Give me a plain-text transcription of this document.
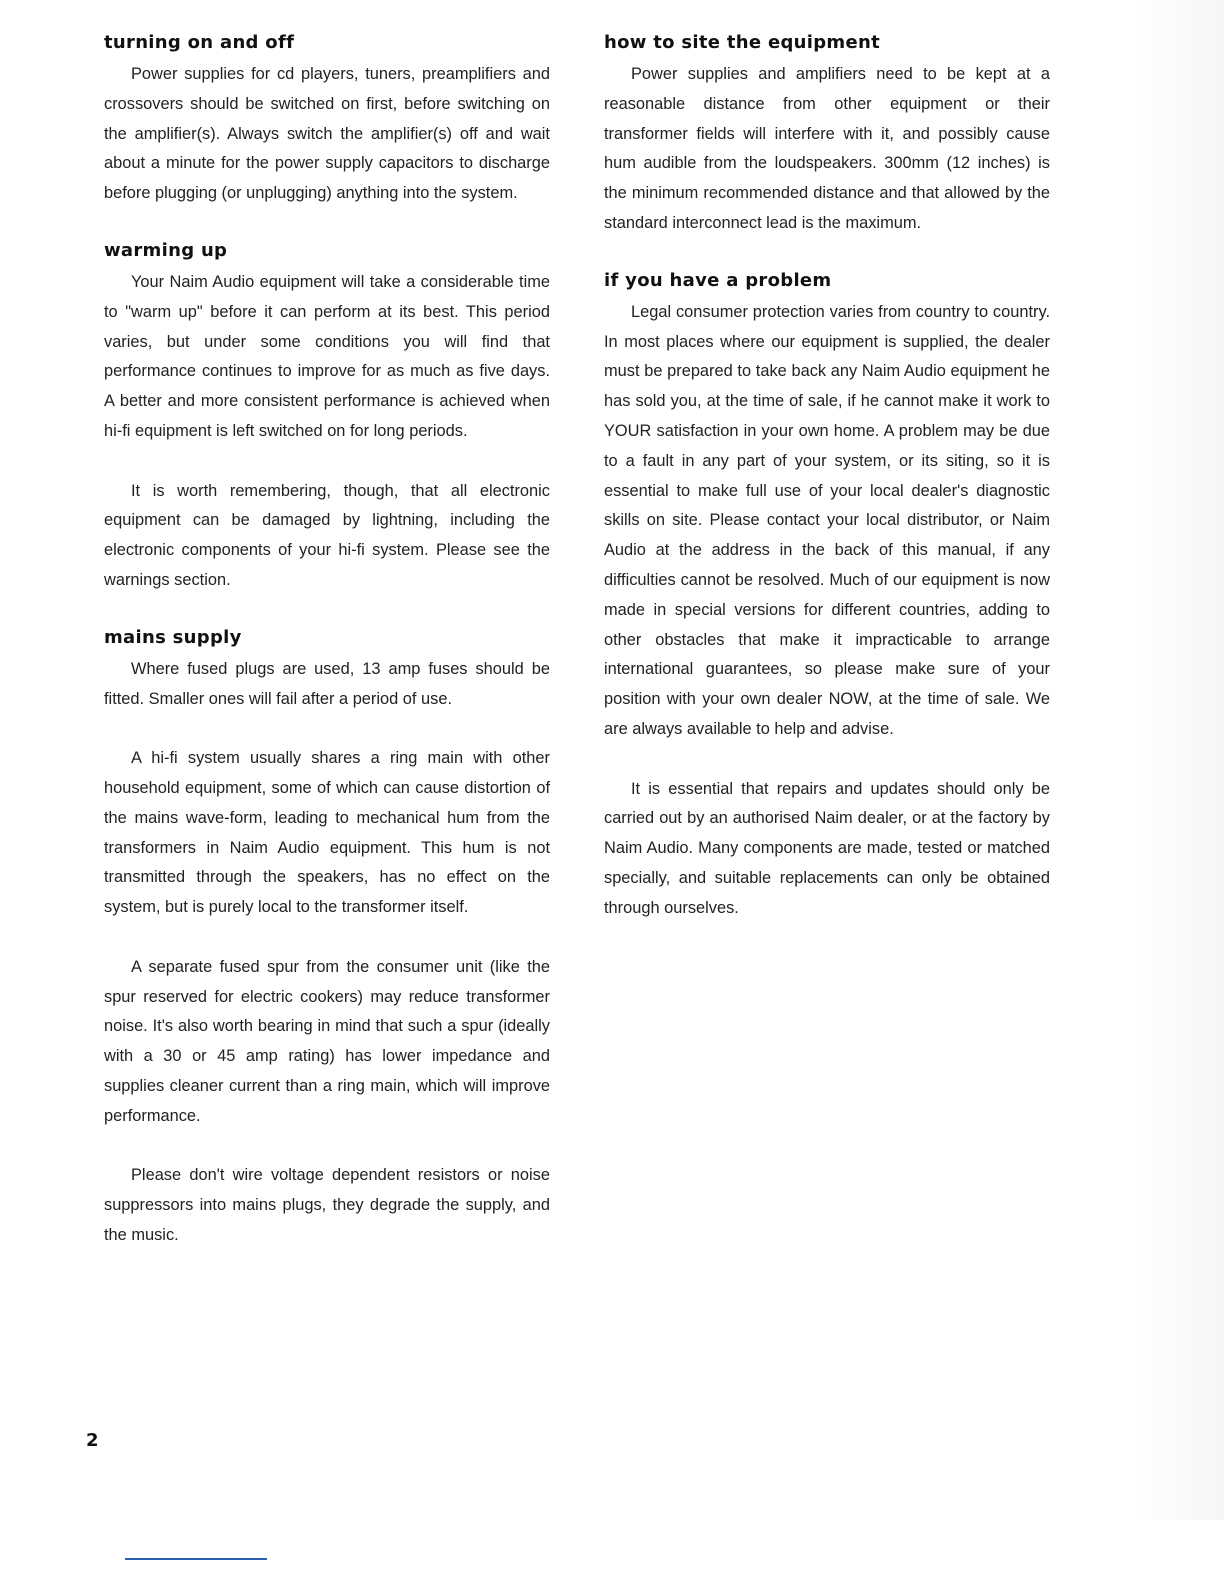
turning on and off

Power supplies for cd players, tuners, preamplifiers and crossovers should be switched on first, before switching on the amplifier(s). Always switch the amplifier(s) off and wait about a minute for the power supply capacitors to discharge before plugging (or unplugging) anything into the system.

warming up

Your Naim Audio equipment will take a considerable time to "warm up" before it can perform at its best. This period varies, but under some conditions you will find that performance continues to improve for as much as five days. A better and more consistent performance is achieved when hi-fi equipment is left switched on for long periods.

It is worth remembering, though, that all electronic equipment can be damaged by lightning, including the electronic components of your hi-fi system. Please see the warnings section.

mains supply

Where fused plugs are used, 13 amp fuses should be fitted. Smaller ones will fail after a period of use.

A hi-fi system usually shares a ring main with other household equipment, some of which can cause distortion of the mains wave-form, leading to mechanical hum from the transformers in Naim Audio equipment. This hum is not transmitted through the speakers, has no effect on the system, but is purely local to the transformer itself.

A separate fused spur from the consumer unit (like the spur reserved for electric cookers) may reduce transformer noise. It's also worth bearing in mind that such a spur (ideally with a 30 or 45 amp rating) has lower impedance and supplies cleaner current than a ring main, which will improve performance.

Please don't wire voltage dependent resistors or noise suppressors into mains plugs, they degrade the supply, and the music.

how to site the equipment

Power supplies and amplifiers need to be kept at a reasonable distance from other equipment or their transformer fields will interfere with it, and possibly cause hum audible from the loudspeakers. 300mm (12 inches) is the minimum recommended distance and that allowed by the standard interconnect lead is the maximum.

if you have a problem

Legal consumer protection varies from country to country. In most places where our equipment is supplied, the dealer must be prepared to take back any Naim Audio equipment he has sold you, at the time of sale, if he cannot make it work to YOUR satisfaction in your own home. A problem may be due to a fault in any part of your system, or its siting, so it is essential to make full use of your local dealer's diagnostic skills on site. Please contact your local distributor, or Naim Audio at the address in the back of this manual, if any difficulties cannot be resolved. Much of our equipment is now made in special versions for different countries, adding to other obstacles that make it impracticable to arrange international guarantees, so please make sure of your position with your own dealer NOW, at the time of sale. We are always available to help and advise.

It is essential that repairs and updates should only be carried out by an authorised Naim dealer, or at the factory by Naim Audio. Many components are made, tested or matched specially, and suitable replacements can only be obtained through ourselves.

2
